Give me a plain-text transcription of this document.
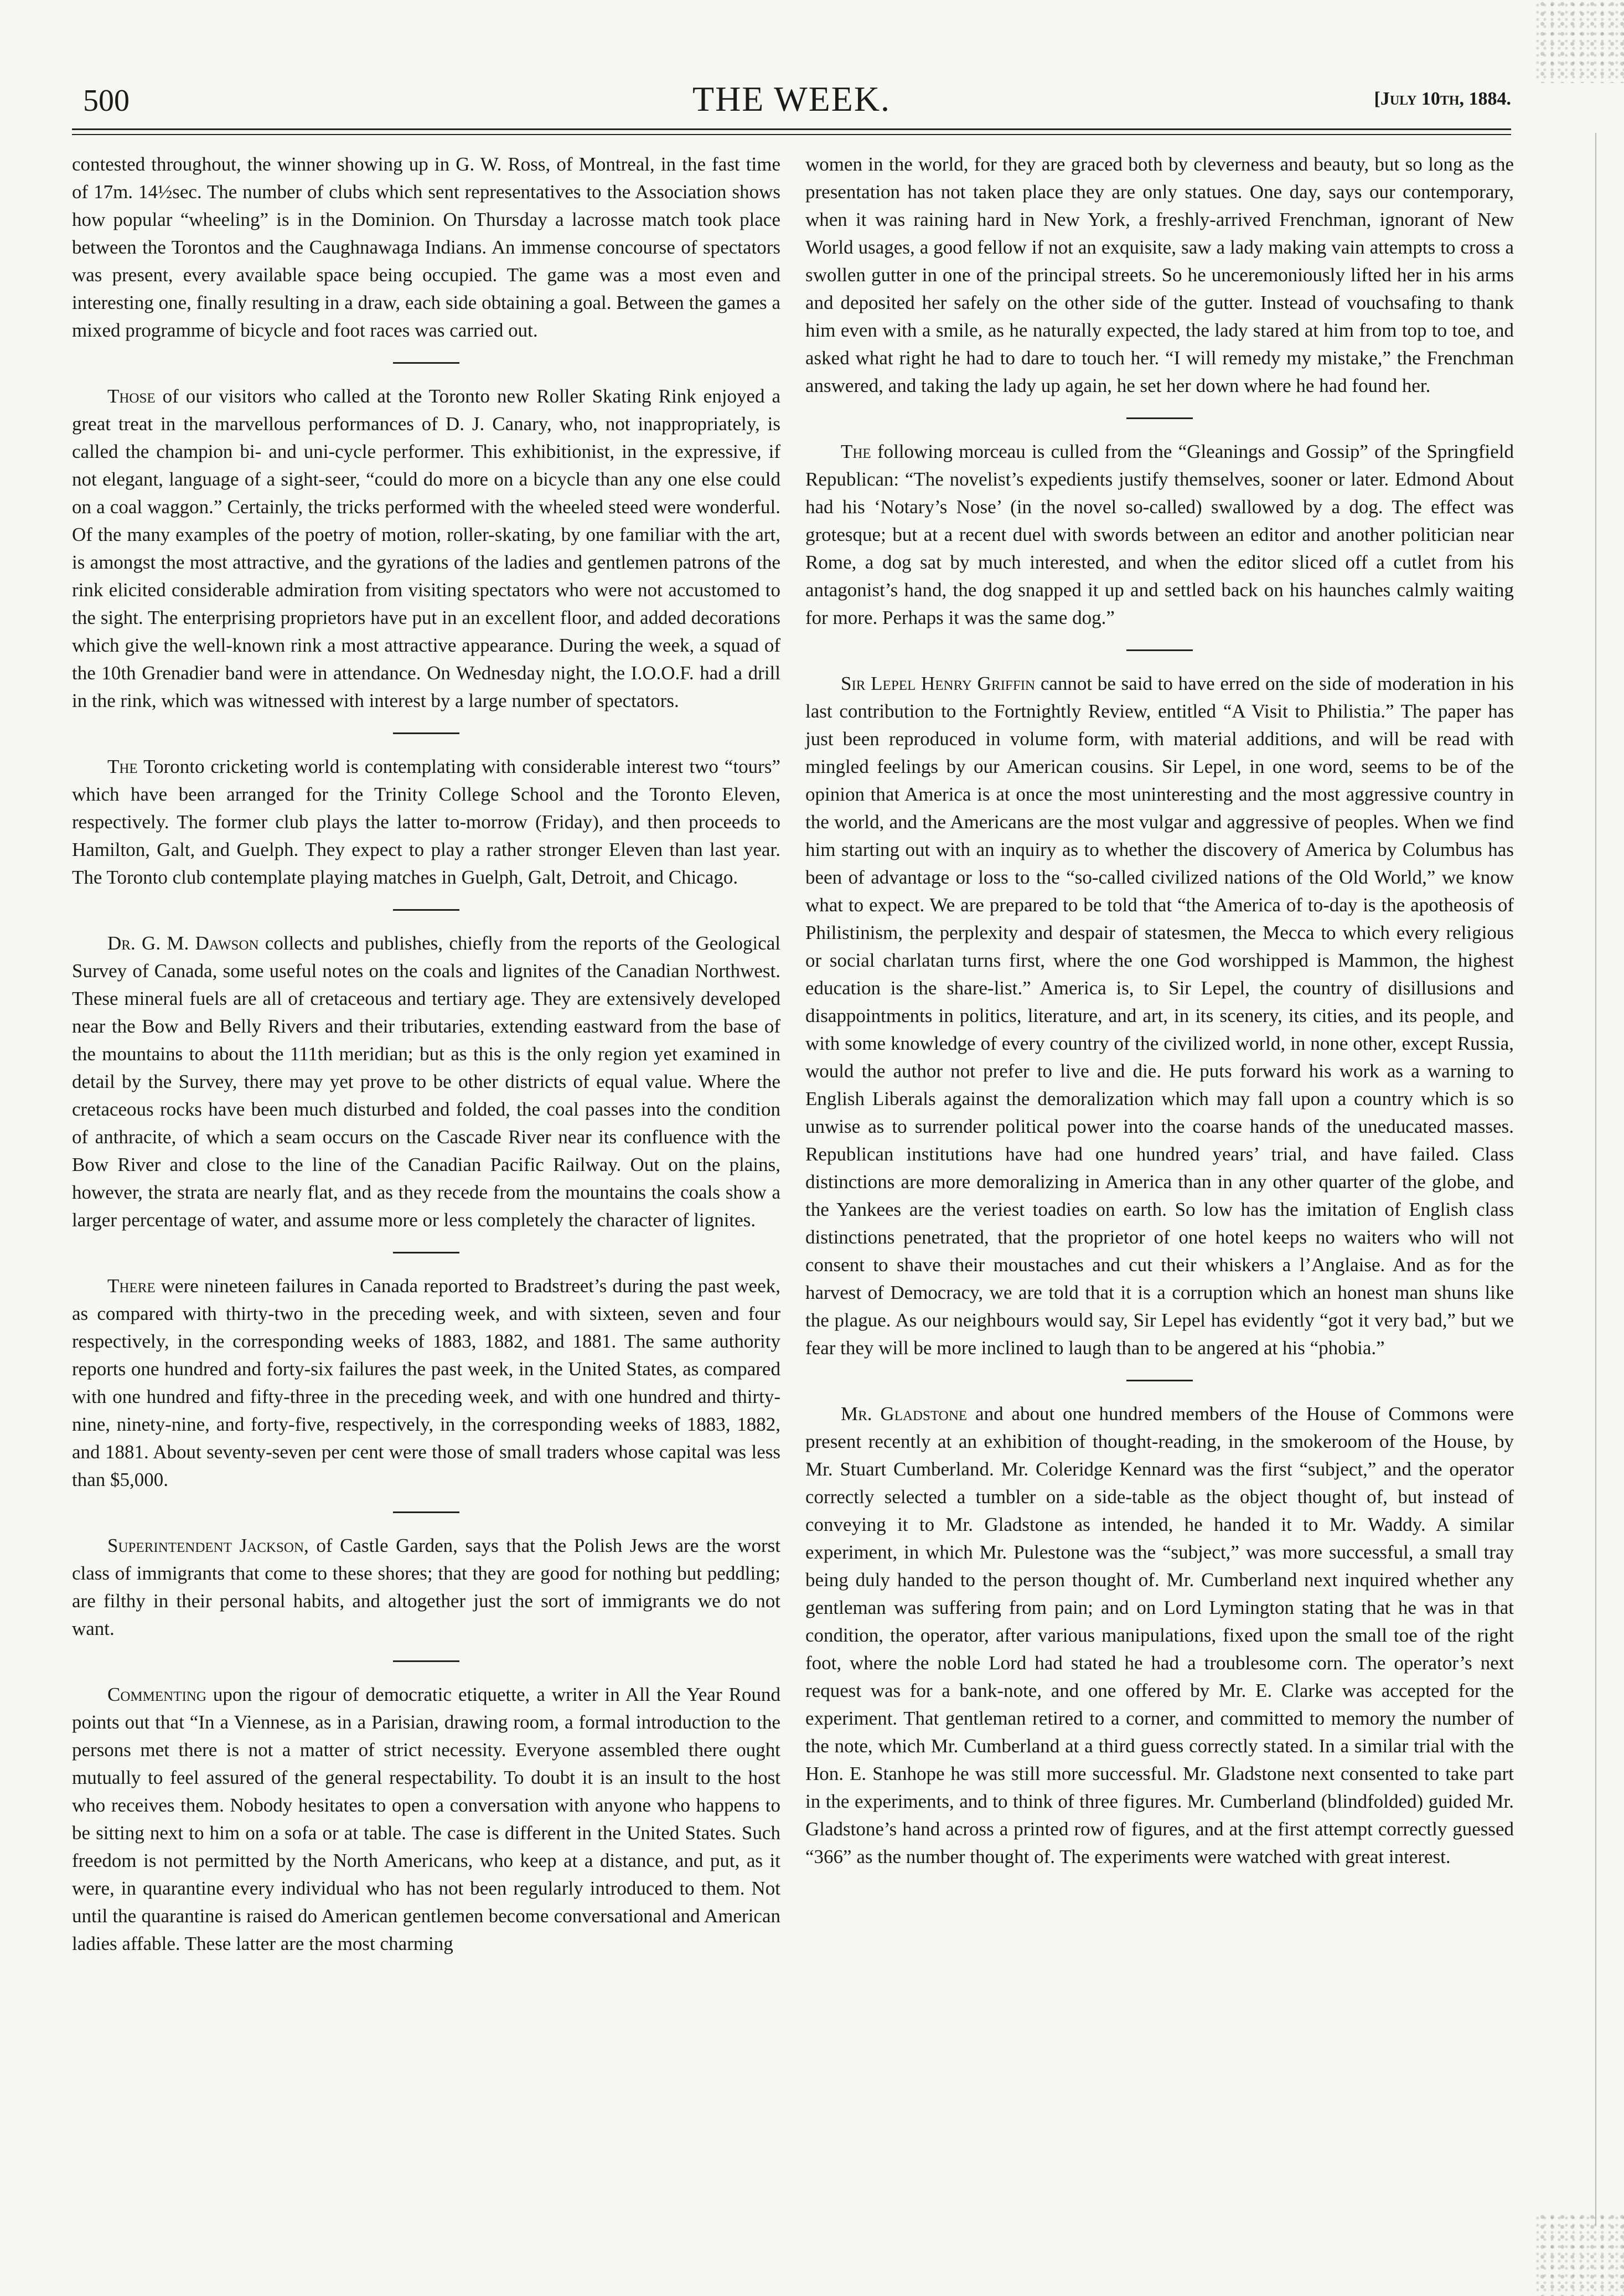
500	THE WEEK.	[July 10th, 1884.

contested throughout, the winner showing up in G. W. Ross, of Montreal, in the fast time of 17m. 14½sec. The number of clubs which sent representatives to the Association shows how popular “wheeling” is in the Dominion. On Thursday a lacrosse match took place between the Torontos and the Caughnawaga Indians. An immense concourse of spectators was present, every available space being occupied. The game was a most even and interesting one, finally resulting in a draw, each side obtaining a goal. Between the games a mixed programme of bicycle and foot races was carried out.

Those of our visitors who called at the Toronto new Roller Skating Rink enjoyed a great treat in the marvellous performances of D. J. Canary, who, not inappropriately, is called the champion bi- and uni-cycle performer. This exhibitionist, in the expressive, if not elegant, language of a sight-seer, “could do more on a bicycle than any one else could on a coal waggon.” Certainly, the tricks performed with the wheeled steed were wonderful. Of the many examples of the poetry of motion, roller-skating, by one familiar with the art, is amongst the most attractive, and the gyrations of the ladies and gentlemen patrons of the rink elicited considerable admiration from visiting spectators who were not accustomed to the sight. The enterprising proprietors have put in an excellent floor, and added decorations which give the well-known rink a most attractive appearance. During the week, a squad of the 10th Grenadier band were in attendance. On Wednesday night, the I.O.O.F. had a drill in the rink, which was witnessed with interest by a large number of spectators.

The Toronto cricketing world is contemplating with considerable interest two “tours” which have been arranged for the Trinity College School and the Toronto Eleven, respectively. The former club plays the latter to-morrow (Friday), and then proceeds to Hamilton, Galt, and Guelph. They expect to play a rather stronger Eleven than last year. The Toronto club contemplate playing matches in Guelph, Galt, Detroit, and Chicago.

Dr. G. M. Dawson collects and publishes, chiefly from the reports of the Geological Survey of Canada, some useful notes on the coals and lignites of the Canadian Northwest. These mineral fuels are all of cretaceous and tertiary age. They are extensively developed near the Bow and Belly Rivers and their tributaries, extending eastward from the base of the mountains to about the 111th meridian; but as this is the only region yet examined in detail by the Survey, there may yet prove to be other districts of equal value. Where the cretaceous rocks have been much disturbed and folded, the coal passes into the condition of anthracite, of which a seam occurs on the Cascade River near its confluence with the Bow River and close to the line of the Canadian Pacific Railway. Out on the plains, however, the strata are nearly flat, and as they recede from the mountains the coals show a larger percentage of water, and assume more or less completely the character of lignites.

There were nineteen failures in Canada reported to Bradstreet’s during the past week, as compared with thirty-two in the preceding week, and with sixteen, seven and four respectively, in the corresponding weeks of 1883, 1882, and 1881. The same authority reports one hundred and forty-six failures the past week, in the United States, as compared with one hundred and fifty-three in the preceding week, and with one hundred and thirty-nine, ninety-nine, and forty-five, respectively, in the corresponding weeks of 1883, 1882, and 1881. About seventy-seven per cent were those of small traders whose capital was less than $5,000.

Superintendent Jackson, of Castle Garden, says that the Polish Jews are the worst class of immigrants that come to these shores; that they are good for nothing but peddling; are filthy in their personal habits, and altogether just the sort of immigrants we do not want.

Commenting upon the rigour of democratic etiquette, a writer in All the Year Round points out that “In a Viennese, as in a Parisian, drawing room, a formal introduction to the persons met there is not a matter of strict necessity. Everyone assembled there ought mutually to feel assured of the general respectability. To doubt it is an insult to the host who receives them. Nobody hesitates to open a conversation with anyone who happens to be sitting next to him on a sofa or at table. The case is different in the United States. Such freedom is not permitted by the North Americans, who keep at a distance, and put, as it were, in quarantine every individual who has not been regularly introduced to them. Not until the quarantine is raised do American gentlemen become conversational and American ladies affable. These latter are the most charming

women in the world, for they are graced both by cleverness and beauty, but so long as the presentation has not taken place they are only statues. One day, says our contemporary, when it was raining hard in New York, a freshly-arrived Frenchman, ignorant of New World usages, a good fellow if not an exquisite, saw a lady making vain attempts to cross a swollen gutter in one of the principal streets. So he unceremoniously lifted her in his arms and deposited her safely on the other side of the gutter. Instead of vouchsafing to thank him even with a smile, as he naturally expected, the lady stared at him from top to toe, and asked what right he had to dare to touch her. “I will remedy my mistake,” the Frenchman answered, and taking the lady up again, he set her down where he had found her.

The following morceau is culled from the “Gleanings and Gossip” of the Springfield Republican: “The novelist’s expedients justify themselves, sooner or later. Edmond About had his ‘Notary’s Nose’ (in the novel so-called) swallowed by a dog. The effect was grotesque; but at a recent duel with swords between an editor and another politician near Rome, a dog sat by much interested, and when the editor sliced off a cutlet from his antagonist’s hand, the dog snapped it up and settled back on his haunches calmly waiting for more. Perhaps it was the same dog.”

Sir Lepel Henry Griffin cannot be said to have erred on the side of moderation in his last contribution to the Fortnightly Review, entitled “A Visit to Philistia.” The paper has just been reproduced in volume form, with material additions, and will be read with mingled feelings by our American cousins. Sir Lepel, in one word, seems to be of the opinion that America is at once the most uninteresting and the most aggressive country in the world, and the Americans are the most vulgar and aggressive of peoples. When we find him starting out with an inquiry as to whether the discovery of America by Columbus has been of advantage or loss to the “so-called civilized nations of the Old World,” we know what to expect. We are prepared to be told that “the America of to-day is the apotheosis of Philistinism, the perplexity and despair of statesmen, the Mecca to which every religious or social charlatan turns first, where the one God worshipped is Mammon, the highest education is the share-list.” America is, to Sir Lepel, the country of disillusions and disappointments in politics, literature, and art, in its scenery, its cities, and its people, and with some knowledge of every country of the civilized world, in none other, except Russia, would the author not prefer to live and die. He puts forward his work as a warning to English Liberals against the demoralization which may fall upon a country which is so unwise as to surrender political power into the coarse hands of the uneducated masses. Republican institutions have had one hundred years’ trial, and have failed. Class distinctions are more demoralizing in America than in any other quarter of the globe, and the Yankees are the veriest toadies on earth. So low has the imitation of English class distinctions penetrated, that the proprietor of one hotel keeps no waiters who will not consent to shave their moustaches and cut their whiskers a l’Anglaise. And as for the harvest of Democracy, we are told that it is a corruption which an honest man shuns like the plague. As our neighbours would say, Sir Lepel has evidently “got it very bad,” but we fear they will be more inclined to laugh than to be angered at his “phobia.”

Mr. Gladstone and about one hundred members of the House of Commons were present recently at an exhibition of thought-reading, in the smokeroom of the House, by Mr. Stuart Cumberland. Mr. Coleridge Kennard was the first “subject,” and the operator correctly selected a tumbler on a side-table as the object thought of, but instead of conveying it to Mr. Gladstone as intended, he handed it to Mr. Waddy. A similar experiment, in which Mr. Pulestone was the “subject,” was more successful, a small tray being duly handed to the person thought of. Mr. Cumberland next inquired whether any gentleman was suffering from pain; and on Lord Lymington stating that he was in that condition, the operator, after various manipulations, fixed upon the small toe of the right foot, where the noble Lord had stated he had a troublesome corn. The operator’s next request was for a bank-note, and one offered by Mr. E. Clarke was accepted for the experiment. That gentleman retired to a corner, and committed to memory the number of the note, which Mr. Cumberland at a third guess correctly stated. In a similar trial with the Hon. E. Stanhope he was still more successful. Mr. Gladstone next consented to take part in the experiments, and to think of three figures. Mr. Cumberland (blindfolded) guided Mr. Gladstone’s hand across a printed row of figures, and at the first attempt correctly guessed “366” as the number thought of. The experiments were watched with great interest.
